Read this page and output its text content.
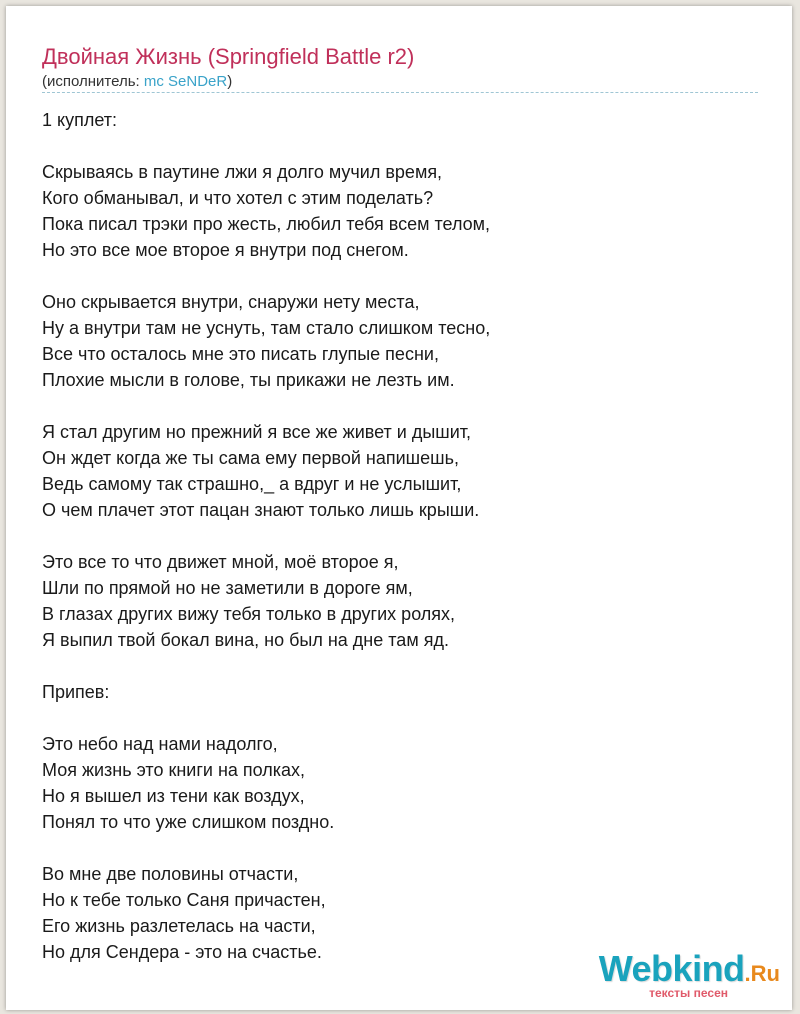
Двойная Жизнь (Springfield Battle r2)
(исполнитель: mc SeNDeR)
1 куплет:
Скрываясь в паутине лжи я долго мучил время,
Кого обманывал, и что хотел с этим поделать?
Пока писал трэки про жесть, любил тебя всем телом,
Но это все мое второе я внутри под снегом.
Оно скрывается внутри, снаружи нету места,
Ну а внутри там не уснуть, там стало слишком тесно,
Все что осталось мне это писать глупые песни,
Плохие мысли в голове, ты прикажи не лезть им.
Я стал другим но прежний я все же живет и дышит,
Он ждет когда же ты сама ему первой напишешь,
Ведь самому так страшно,_ а вдруг и не услышит,
О чем плачет этот пацан знают только лишь крыши.
Это все то что движет мной, моё второе я,
Шли по прямой но не заметили в дороге ям,
В глазах других вижу тебя только в других ролях,
Я выпил твой бокал вина, но был на дне там яд.
Припев:
Это небо над нами надолго,
Моя жизнь это книги на полках,
Но я вышел из тени как воздух,
Понял то что уже слишком поздно.
Во мне две половины отчасти,
Но к тебе только Саня причастен,
Его жизнь разлетелась на части,
Но для Сендера - это на счастье.	Webkind.Ru
тексты песен
